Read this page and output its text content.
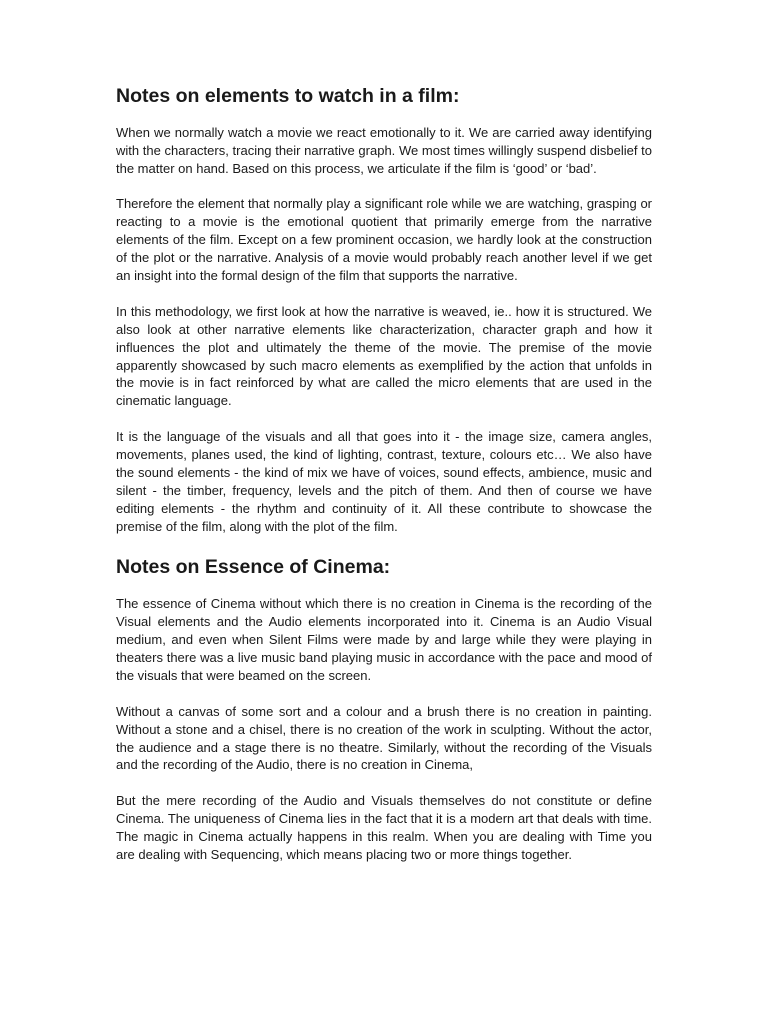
Notes on elements to watch in a film:

When we normally watch a movie we react emotionally to it. We are carried away identifying with the characters, tracing their narrative graph. We most times willingly suspend disbelief to the matter on hand. Based on this process, we articulate if the film is ‘good’ or ‘bad’.

Therefore the element that normally play a significant role while we are watching, grasping or reacting to a movie is the emotional quotient that primarily emerge from the narrative elements of the film. Except on a few prominent occasion, we hardly look at the construction of the plot or the narrative. Analysis of a movie would probably reach another level if we get an insight into the formal design of the film that supports the narrative.

In this methodology, we first look at how the narrative is weaved, ie.. how it is structured. We also look at other narrative elements like characterization, character graph and how it influences the plot and ultimately the theme of the movie. The premise of the movie apparently showcased by such macro elements as exemplified by the action that unfolds in the movie is in fact reinforced by what are called the micro elements that are used in the cinematic language.

It is the language of the visuals and all that goes into it - the image size, camera angles, movements, planes used, the kind of lighting, contrast, texture, colours etc… We also have the sound elements - the kind of mix we have of voices, sound effects, ambience, music and silent - the timber, frequency, levels and the pitch of them. And then of course we have editing elements - the rhythm and continuity of it. All these contribute to showcase the premise of the film, along with the plot of the film.

Notes on Essence of Cinema:

The essence of Cinema without which there is no creation in Cinema is the recording of the Visual elements and the Audio elements incorporated into it. Cinema is an Audio Visual medium, and even when Silent Films were made by and large while they were playing in theaters there was a live music band playing music in accordance with the pace and mood of the visuals that were beamed on the screen.

Without a canvas of some sort and a colour and a brush there is no creation in painting. Without a stone and a chisel, there is no creation of the work in sculpting. Without the actor, the audience and a stage there is no theatre. Similarly, without the recording of the Visuals and the recording of the Audio, there is no creation in Cinema,

But the mere recording of the Audio and Visuals themselves do not constitute or define Cinema. The uniqueness of Cinema lies in the fact that it is a modern art that deals with time. The magic in Cinema actually happens in this realm. When you are dealing with Time you are dealing with Sequencing, which means placing two or more things together.
